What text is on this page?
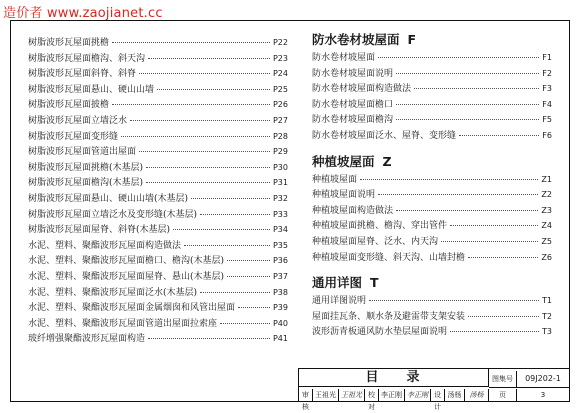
造价者 www.zaojianet.cc
树脂波形瓦屋面挑檐	P22
树脂波形瓦屋面檐沟、斜天沟	P23
树脂波形瓦屋面斜脊、斜脊	P24
树脂波形瓦屋面悬山、硬山山墙	P25
树脂波形瓦屋面披檐	P26
树脂波形瓦屋面立墙泛水	P27
树脂波形瓦屋面变形缝	P28
树脂波形瓦屋面管道出屋面	P29
树脂波形瓦屋面挑檐(木基层)	P30
树脂波形瓦屋面檐沟(木基层)	P31
树脂波形瓦屋面悬山、硬山山墙(木基层)	P32
树脂波形瓦屋面立墙泛水及变形缝(木基层)	P33
树脂波形瓦屋面屋脊、斜脊(木基层)	P34
水泥、塑料、聚酯波形瓦屋面构造做法	P35
水泥、塑料、聚酯波形瓦屋面檐口、檐沟(木基层)	P36
水泥、塑料、聚酯波形瓦屋面屋脊、悬山(木基层)	P37
水泥、塑料、聚酯波形瓦屋面泛水(木基层)	P38
水泥、塑料、聚酯波形瓦屋面金属烟囱和风管出屋面	P39
水泥、塑料、聚酯波形瓦屋面管道出屋面拉索座	P40
玻纤增强聚酯波形瓦屋面构造	P41
防水卷材坡屋面 F
防水卷材坡屋面	F1
防水卷材坡屋面说明	F2
防水卷材坡屋面构造做法	F3
防水卷材坡屋面檐口	F4
防水卷材坡屋面檐沟	F5
防水卷材坡屋面泛水、屋脊、变形缝	F6
种植坡屋面 Z
种植坡屋面	Z1
种植坡屋面说明	Z2
种植坡屋面构造做法	Z3
种植坡屋面挑檐、檐沟、穿出管件	Z4
种植坡屋面屋脊、泛水、内天沟	Z5
种植坡屋面变形缝、斜天沟、山墙封檐	Z6
通用详图 T
通用详图说明	T1
屋面挂瓦条、顺水条及避雷带支架安装	T2
波形沥青板通风防水垫层屋面说明	T3
目录	图集号	09J202-1
审核
王祖光 王祖光 校对
李正刚 李正刚 设计
汤杨	汤杨	页	3
